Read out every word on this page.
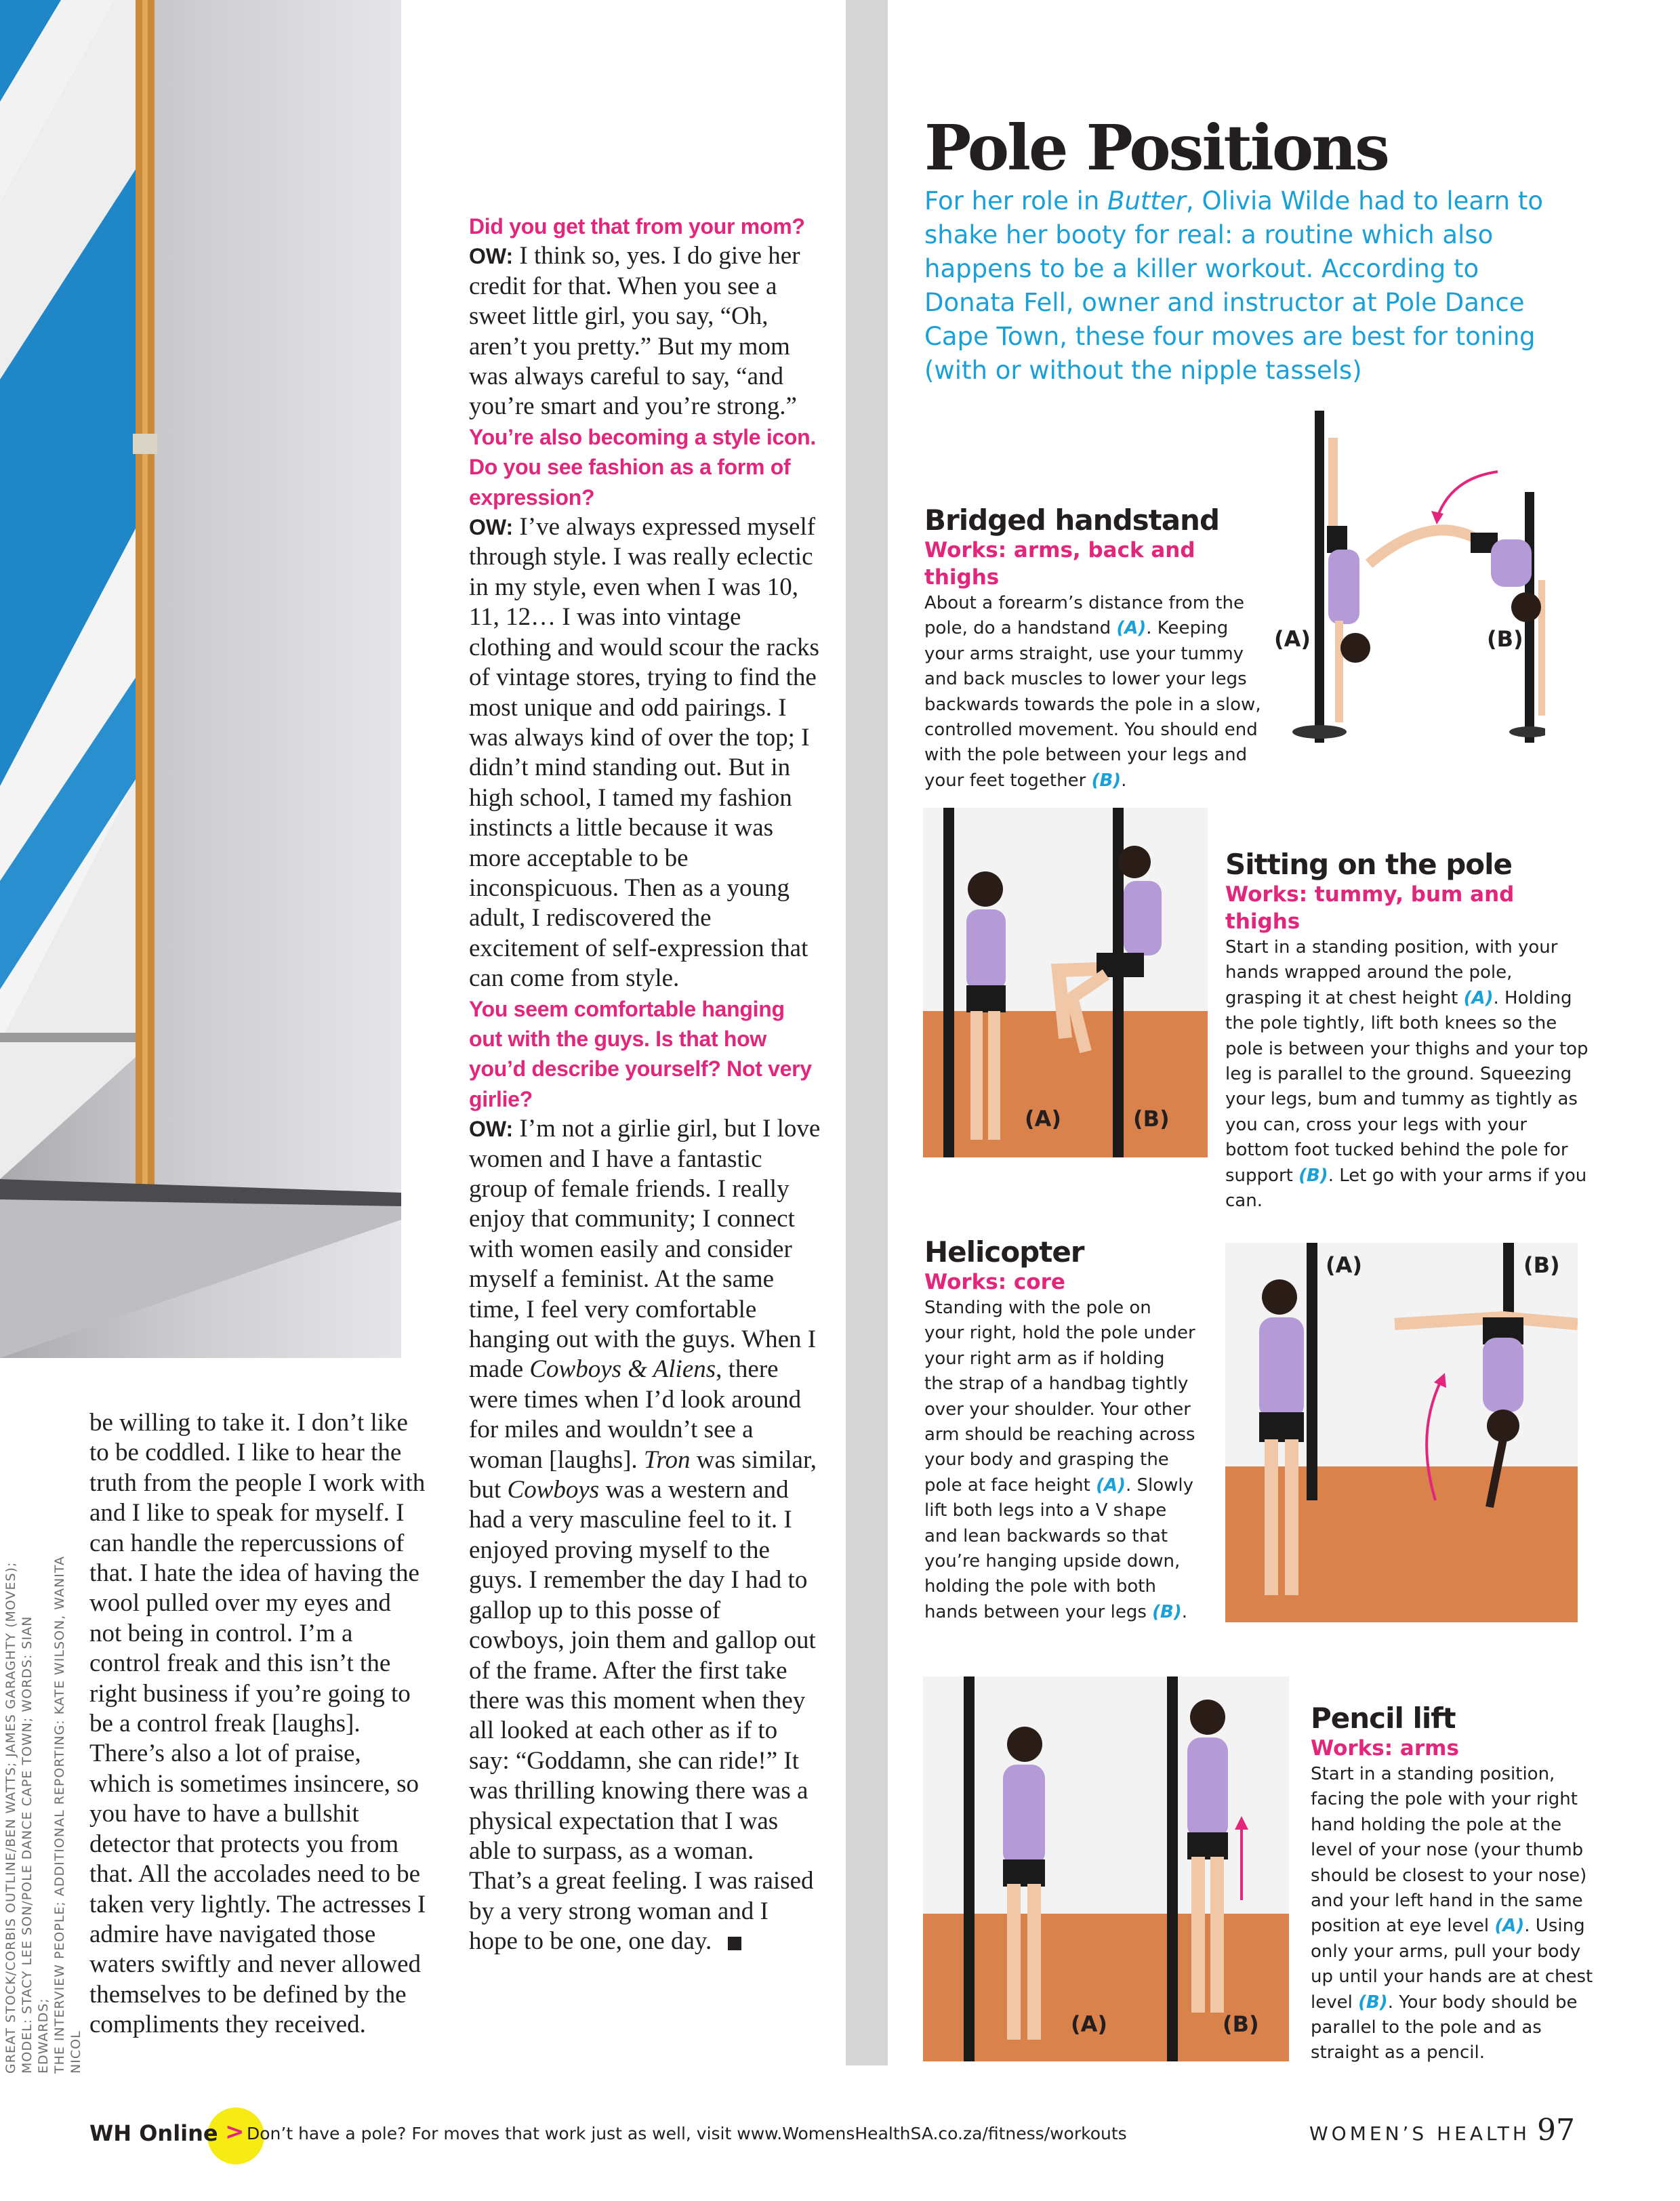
be willing to take it. I don’t like to be coddled. I like to hear the truth from the people I work with and I like to speak for myself. I can handle the repercussions of that. I hate the idea of having the wool pulled over my eyes and not being in control. I’m a control freak and this isn’t the right business if you’re going to be a control freak [laughs]. There’s also a lot of praise, which is sometimes insincere, so you have to have a bullshit detector that protects you from that. All the accolades need to be taken very lightly. The actresses I admire have navigated those waters swiftly and never allowed themselves to be defined by the compliments they received.

GREAT STOCK/CORBIS OUTLINE/BEN WATTS; JAMES GARAGHTY (MOVES); MODEL: STACY LEE SON/POLE DANCE CAPE TOWN; WORDS: SIAN EDWARDS; THE INTERVIEW PEOPLE; ADDITIONAL REPORTING: KATE WILSON, WANITA NICOL

Did you get that from your mom?

OW: I think so, yes. I do give her credit for that. When you see a sweet little girl, you say, “Oh, aren’t you pretty.” But my mom was always careful to say, “and you’re smart and you’re strong.”

You’re also becoming a style icon. Do you see fashion as a form of expression?

OW: I’ve always expressed myself through style. I was really eclectic in my style, even when I was 10, 11, 12… I was into vintage clothing and would scour the racks of vintage stores, trying to find the most unique and odd pairings. I was always kind of over the top; I didn’t mind standing out. But in high school, I tamed my fashion instincts a little because it was more acceptable to be inconspicuous. Then as a young adult, I rediscovered the excitement of self-expression that can come from style.

You seem comfortable hanging out with the guys. Is that how you’d describe yourself? Not very girlie?

OW: I’m not a girlie girl, but I love women and I have a fantastic group of female friends. I really enjoy that community; I connect with women easily and consider myself a feminist. At the same time, I feel very comfortable hanging out with the guys. When I made Cowboys & Aliens, there were times when I’d look around for miles and wouldn’t see a woman [laughs]. Tron was similar, but Cowboys was a western and had a very masculine feel to it. I enjoyed proving myself to the guys. I remember the day I had to gallop up to this posse of cowboys, join them and gallop out of the frame. After the first take there was this moment when they all looked at each other as if to say: “Goddamn, she can ride!” It was thrilling knowing there was a physical expectation that I was able to surpass, as a woman. That’s a great feeling. I was raised by a very strong woman and I hope to be one, one day.

Pole Positions

For her role in Butter, Olivia Wilde had to learn to shake her booty for real: a routine which also happens to be a killer workout. According to Donata Fell, owner and instructor at Pole Dance Cape Town, these four moves are best for toning (with or without the nipple tassels)

Bridged handstand
Works: arms, back and thighs

About a forearm’s distance from the pole, do a handstand (A). Keeping your arms straight, use your tummy and back muscles to lower your legs backwards towards the pole in a slow, controlled movement. You should end with the pole between your legs and your feet together (B).

(A)	(B)
(A)	(B)
Sitting on the pole
Works: tummy, bum and thighs

Start in a standing position, with your hands wrapped around the pole, grasping it at chest height (A). Holding the pole tightly, lift both knees so the pole is between your thighs and your top leg is parallel to the ground. Squeezing your legs, bum and tummy as tightly as you can, cross your legs with your bottom foot tucked behind the pole for support (B). Let go with your arms if you can.

Helicopter
Works: core

Standing with the pole on your right, hold the pole under your right arm as if holding the strap of a handbag tightly over your shoulder. Your other arm should be reaching across your body and grasping the pole at face height (A). Slowly lift both legs into a V shape and lean backwards so that you’re hanging upside down, holding the pole with both hands between your legs (B).

(A)	(B)
(A)	(B)
Pencil lift
Works: arms

Start in a standing position, facing the pole with your right hand holding the pole at the level of your nose (your thumb should be closest to your nose) and your left hand in the same position at eye level (A). Using only your arms, pull your body up until your hands are at chest level (B). Your body should be parallel to the pole and as straight as a pencil.

WH Online > Don’t have a pole? For moves that work just as well, visit www.WomensHealthSA.co.za/fitness/workouts	WOMEN’S HEALTH 97
